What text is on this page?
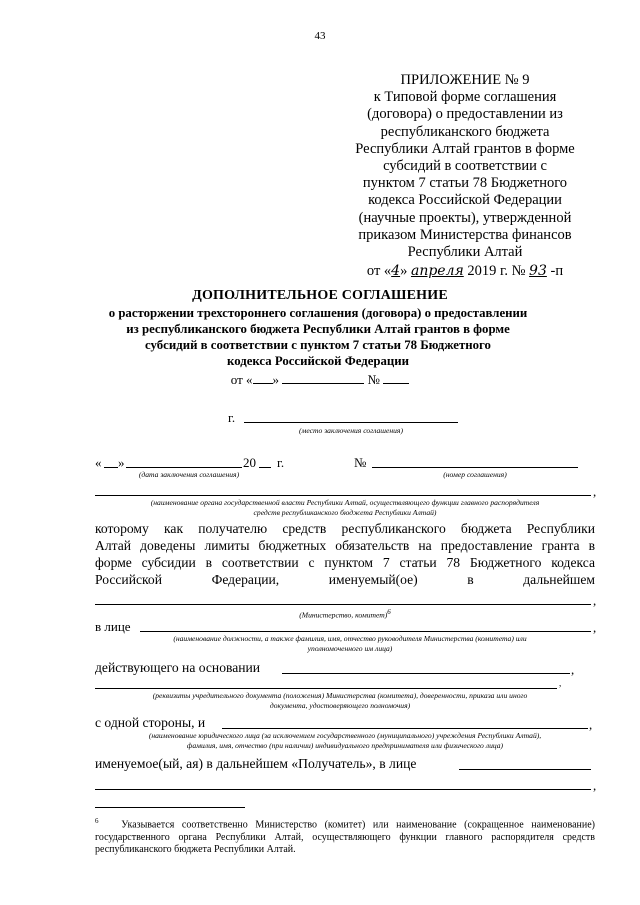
43
ПРИЛОЖЕНИЕ № 9
к Типовой форме соглашения
(договора) о предоставлении из
республиканского бюджета
Республики Алтай грантов в форме
субсидий в соответствии с
пунктом 7 статьи 78 Бюджетного
кодекса Российской Федерации
(научные проекты), утвержденной
приказом Министерства финансов
Республики Алтай
от «4» апреля 2019 г. № 93 -п
ДОПОЛНИТЕЛЬНОЕ СОГЛАШЕНИЕ
о расторжении трехстороннего соглашения (договора) о предоставлении
из республиканского бюджета Республики Алтай грантов в форме
субсидий в соответствии с пунктом 7 статьи 78 Бюджетного
кодекса Российской Федерации
от « »	№
г.
(место заключения соглашения)
« »	20 г.
(дата заключения соглашения)
№
(номер соглашения)
,
(наименование органа государственной власти Республики Алтай, осуществляющего функции главного распорядителя
средств республиканского бюджета Республики Алтай)
которому как получателю средств республиканского бюджета Республики
Алтай доведены лимиты бюджетных обязательств на предоставление гранта в
форме субсидии в соответствии с пунктом 7 статьи 78 Бюджетного кодекса
Российской	Федерации,	именуемый(ое)	в	дальнейшем
,
(Министерство, комитет)$^6$
в лице	,
(наименование должности, а также фамилия, имя, отчество руководителя Министерства (комитета) или
уполномоченного им лица)
действующего на основании	,
,
(реквизиты учредительного документа (положения) Министерства (комитета), доверенности, приказа или иного
документа, удостоверяющего полномочия)
с одной стороны, и	,
(наименование юридического лица (за исключением государственного (муниципального) учреждения Республики Алтай),
фамилия, имя, отчество (при наличии) индивидуального предпринимателя или физического лица)
именуемое(ый, ая) в дальнейшем «Получатель», в лице
,
$^6$ Указывается соответственно Министерство (комитет) или наименование (сокращенное наименование) государственного органа Республики Алтай, осуществляющего функции главного распорядителя средств республиканского бюджета Республики Алтай.
